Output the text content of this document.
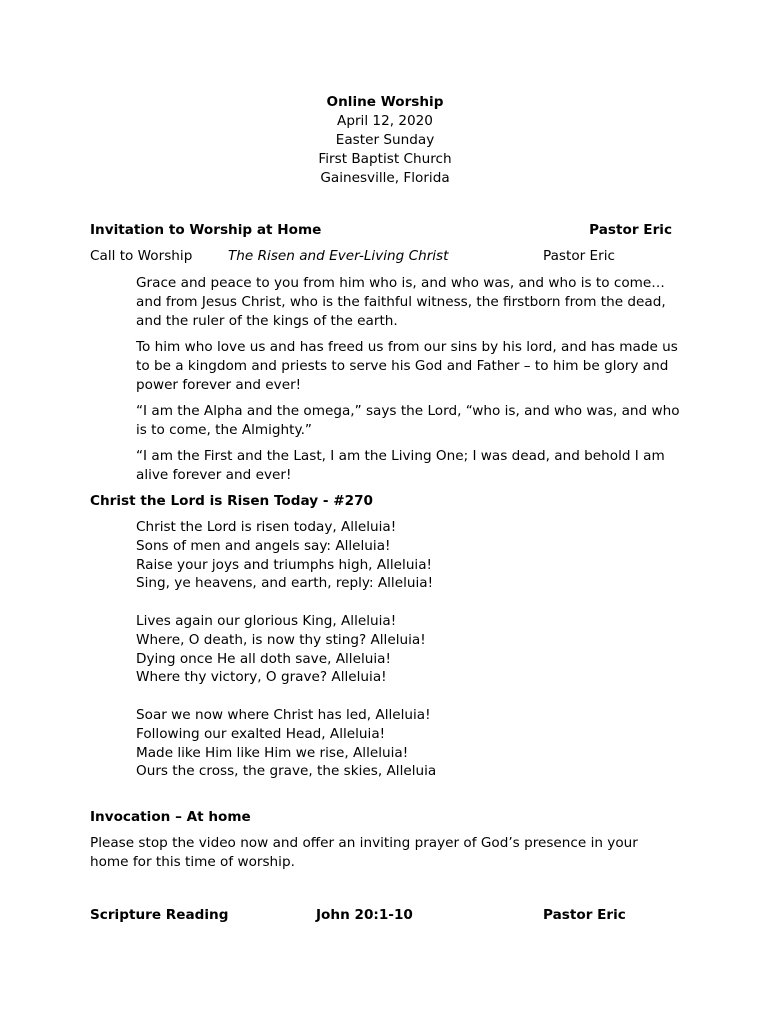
Online Worship
April 12, 2020
Easter Sunday
First Baptist Church
Gainesville, Florida
Invitation to Worship at Home	Pastor Eric
Call to Worship	The Risen and Ever-Living Christ	Pastor Eric

Grace and peace to you from him who is, and who was, and who is to come…and from Jesus Christ, who is the faithful witness, the firstborn from the dead, and the ruler of the kings of the earth.

To him who love us and has freed us from our sins by his lord, and has made us to be a kingdom and priests to serve his God and Father – to him be glory and power forever and ever!

“I am the Alpha and the omega,” says the Lord, “who is, and who was, and who is to come, the Almighty.”

“I am the First and the Last, I am the Living One; I was dead, and behold I am alive forever and ever!

Christ the Lord is Risen Today - #270
Christ the Lord is risen today, Alleluia!
Sons of men and angels say: Alleluia!
Raise your joys and triumphs high, Alleluia!
Sing, ye heavens, and earth, reply: Alleluia!
Lives again our glorious King, Alleluia!
Where, O death, is now thy sting? Alleluia!
Dying once He all doth save, Alleluia!
Where thy victory, O grave? Alleluia!
Soar we now where Christ has led, Alleluia!
Following our exalted Head, Alleluia!
Made like Him like Him we rise, Alleluia!
Ours the cross, the grave, the skies, Alleluia
Invocation – At home

Please stop the video now and offer an inviting prayer of God’s presence in your home for this time of worship.

Scripture Reading	John 20:1-10	Pastor Eric
